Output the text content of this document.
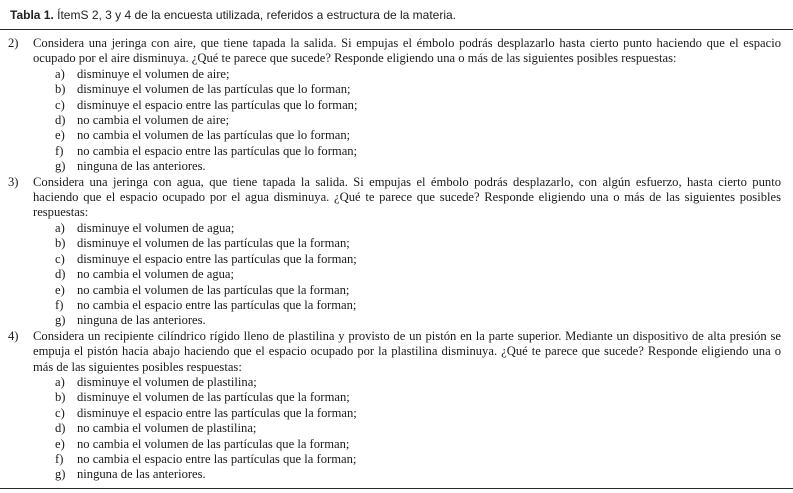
Tabla 1. ÍtemS 2, 3 y 4 de la encuesta utilizada, referidos a estructura de la materia.
2)	Considera una jeringa con aire, que tiene tapada la salida. Si empujas el émbolo podrás desplazarlo hasta cierto punto haciendo que el espacio ocupado por el aire disminuya. ¿Qué te parece que sucede? Responde eligiendo una o más de las siguientes posibles respuestas:

a) disminuye el volumen de aire;
b) disminuye el volumen de las partículas que lo forman;
c) disminuye el espacio entre las partículas que lo forman;
d) no cambia el volumen de aire;
e) no cambia el volumen de las partículas que lo forman;
f)	no cambia el espacio entre las partículas que lo forman;
g) ninguna de las anteriores.
3)	Considera una jeringa con agua, que tiene tapada la salida. Si empujas el émbolo podrás desplazarlo, con algún esfuerzo, hasta cierto punto haciendo que el espacio ocupado por el agua disminuya. ¿Qué te parece que sucede? Responde eligiendo una o más de las siguientes posibles respuestas:

a) disminuye el volumen de agua;
b) disminuye el volumen de las partículas que la forman;
c) disminuye el espacio entre las partículas que la forman;
d) no cambia el volumen de agua;
e) no cambia el volumen de las partículas que la forman;
f)	no cambia el espacio entre las partículas que la forman;
g) ninguna de las anteriores.
4)	Considera un recipiente cilíndrico rígido lleno de plastilina y provisto de un pistón en la parte superior. Mediante un dispositivo de alta presión se empuja el pistón hacia abajo haciendo que el espacio ocupado por la plastilina disminuya. ¿Qué te parece que sucede? Responde eligiendo una o más de las siguientes posibles respuestas:

a) disminuye el volumen de plastilina;
b) disminuye el volumen de las partículas que la forman;
c) disminuye el espacio entre las partículas que la forman;
d) no cambia el volumen de plastilina;
e) no cambia el volumen de las partículas que la forman;
f)	no cambia el espacio entre las partículas que la forman;
g) ninguna de las anteriores.
